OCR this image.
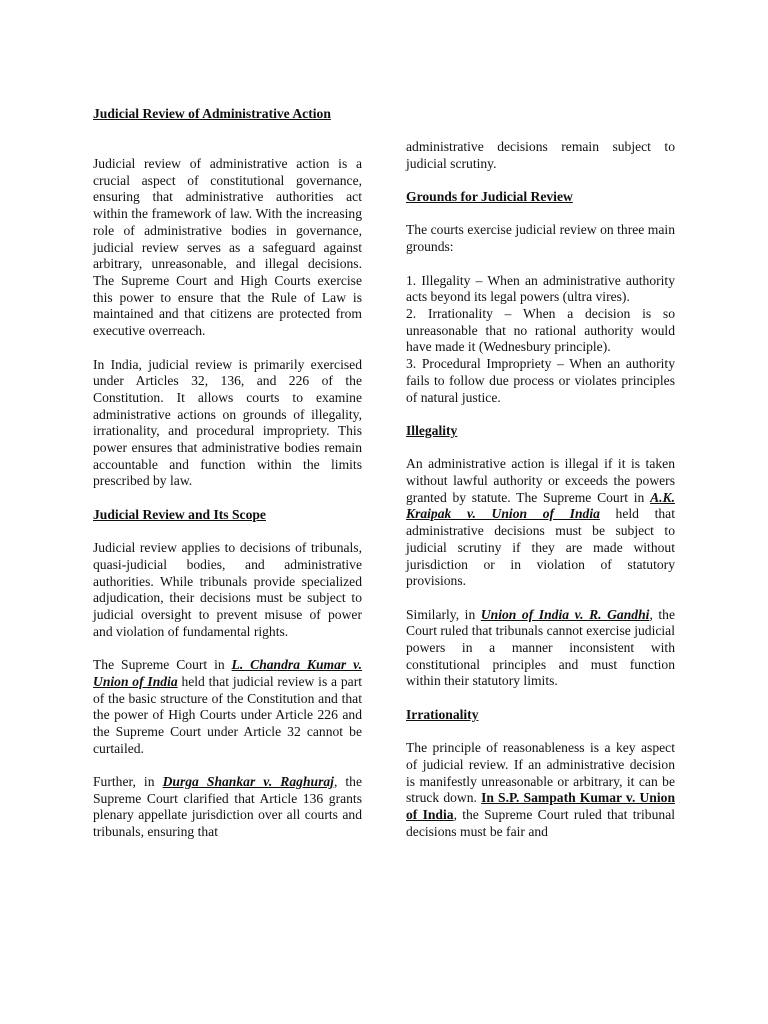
Judicial Review of Administrative Action

Judicial review of administrative action is a crucial aspect of constitutional governance, ensuring that administrative authorities act within the framework of law. With the increasing role of administrative bodies in governance, judicial review serves as a safeguard against arbitrary, unreasonable, and illegal decisions. The Supreme Court and High Courts exercise this power to ensure that the Rule of Law is maintained and that citizens are protected from executive overreach.

In India, judicial review is primarily exercised under Articles 32, 136, and 226 of the Constitution. It allows courts to examine administrative actions on grounds of illegality, irrationality, and procedural impropriety. This power ensures that administrative bodies remain accountable and function within the limits prescribed by law.

Judicial Review and Its Scope

Judicial review applies to decisions of tribunals, quasi-judicial bodies, and administrative authorities. While tribunals provide specialized adjudication, their decisions must be subject to judicial oversight to prevent misuse of power and violation of fundamental rights.

The Supreme Court in L. Chandra Kumar v. Union of India held that judicial review is a part of the basic structure of the Constitution and that the power of High Courts under Article 226 and the Supreme Court under Article 32 cannot be curtailed.

Further, in Durga Shankar v. Raghuraj, the Supreme Court clarified that Article 136 grants plenary appellate jurisdiction over all courts and tribunals, ensuring that

administrative decisions remain subject to judicial scrutiny.

Grounds for Judicial Review

The courts exercise judicial review on three main grounds:

1. Illegality – When an administrative authority acts beyond its legal powers (ultra vires).

2. Irrationality – When a decision is so unreasonable that no rational authority would have made it (Wednesbury principle).

3. Procedural Impropriety – When an authority fails to follow due process or violates principles of natural justice.

Illegality

An administrative action is illegal if it is taken without lawful authority or exceeds the powers granted by statute. The Supreme Court in A.K. Kraipak v. Union of India held that administrative decisions must be subject to judicial scrutiny if they are made without jurisdiction or in violation of statutory provisions.

Similarly, in Union of India v. R. Gandhi, the Court ruled that tribunals cannot exercise judicial powers in a manner inconsistent with constitutional principles and must function within their statutory limits.

Irrationality

The principle of reasonableness is a key aspect of judicial review. If an administrative decision is manifestly unreasonable or arbitrary, it can be struck down. In S.P. Sampath Kumar v. Union of India, the Supreme Court ruled that tribunal decisions must be fair and
